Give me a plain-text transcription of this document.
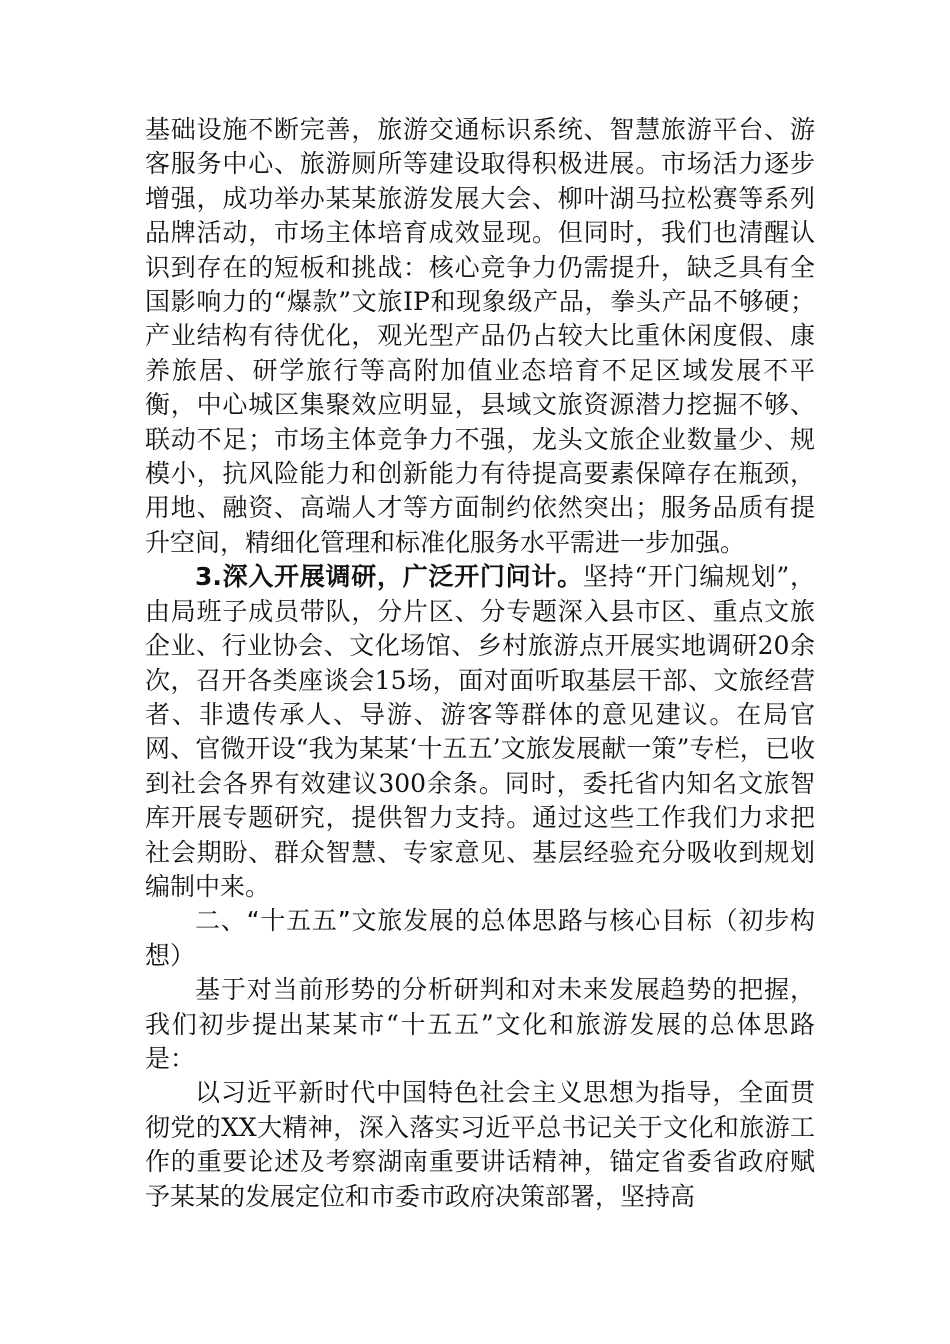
基础设施不断完善，旅游交通标识系统、智慧旅游平台、游客服务中心、旅游厕所等建设取得积极进展。市场活力逐步增强，成功举办某某旅游发展大会、柳叶湖马拉松赛等系列品牌活动，市场主体培育成效显现。但同时，我们也清醒认识到存在的短板和挑战：核心竞争力仍需提升，缺乏具有全国影响力的“爆款”文旅IP和现象级产品，拳头产品不够硬；产业结构有待优化，观光型产品仍占较大比重休闲度假、康养旅居、研学旅行等高附加值业态培育不足区域发展不平衡，中心城区集聚效应明显，县域文旅资源潜力挖掘不够、联动不足；市场主体竞争力不强，龙头文旅企业数量少、规模小，抗风险能力和创新能力有待提高要素保障存在瓶颈，用地、融资、高端人才等方面制约依然突出；服务品质有提升空间，精细化管理和标准化服务水平需进一步加强。

3.深入开展调研，广泛开门问计。坚持“开门编规划”，由局班子成员带队，分片区、分专题深入县市区、重点文旅企业、行业协会、文化场馆、乡村旅游点开展实地调研20余次，召开各类座谈会15场，面对面听取基层干部、文旅经营者、非遗传承人、导游、游客等群体的意见建议。在局官网、官微开设“我为某某‘十五五’文旅发展献一策”专栏，已收到社会各界有效建议300余条。同时，委托省内知名文旅智库开展专题研究，提供智力支持。通过这些工作我们力求把社会期盼、群众智慧、专家意见、基层经验充分吸收到规划编制中来。

二、“十五五”文旅发展的总体思路与核心目标（初步构想）

基于对当前形势的分析研判和对未来发展趋势的把握，我们初步提出某某市“十五五”文化和旅游发展的总体思路是：

以习近平新时代中国特色社会主义思想为指导，全面贯彻党的XX大精神，深入落实习近平总书记关于文化和旅游工作的重要论述及考察湖南重要讲话精神，锚定省委省政府赋予某某的发展定位和市委市政府决策部署，坚持高
